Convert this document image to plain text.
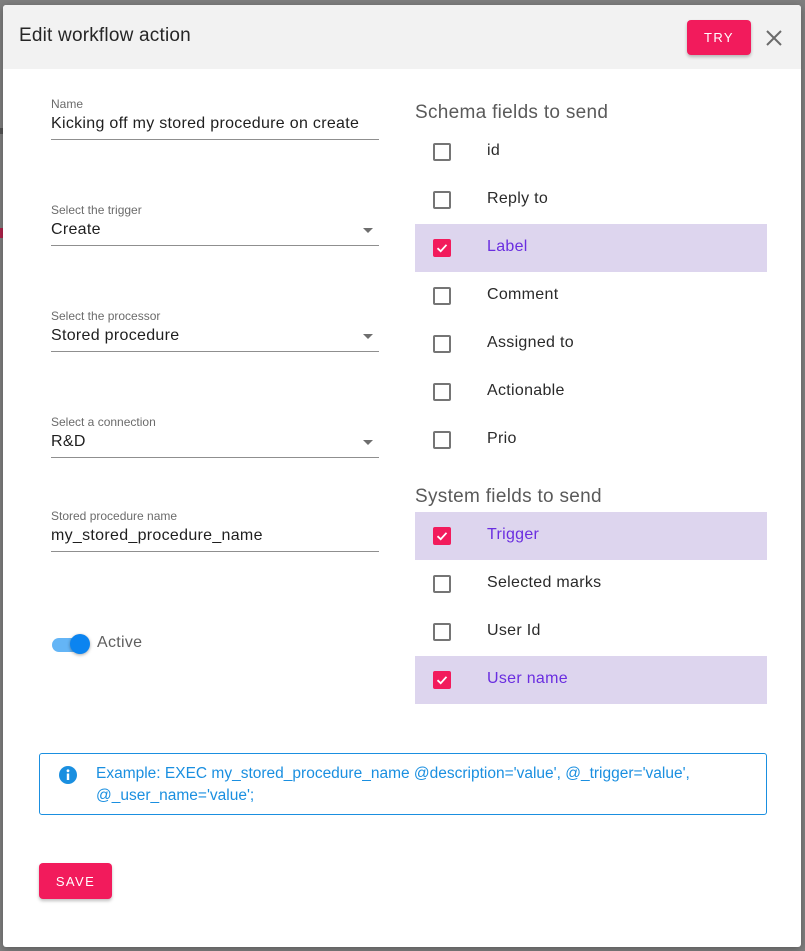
Edit workflow action	TRY
Name
Kicking off my stored procedure on create
Select the trigger
Create
Select the processor
Stored procedure
Select a connection
R&D
Stored procedure name
my_stored_procedure_name
Active
Schema fields to send
id
Reply to
Label
Comment
Assigned to
Actionable
Prio
System fields to send
Trigger
Selected marks
User Id
User name
Example: EXEC my_stored_procedure_name @description='value', @_trigger='value', @_user_name='value';
SAVE
